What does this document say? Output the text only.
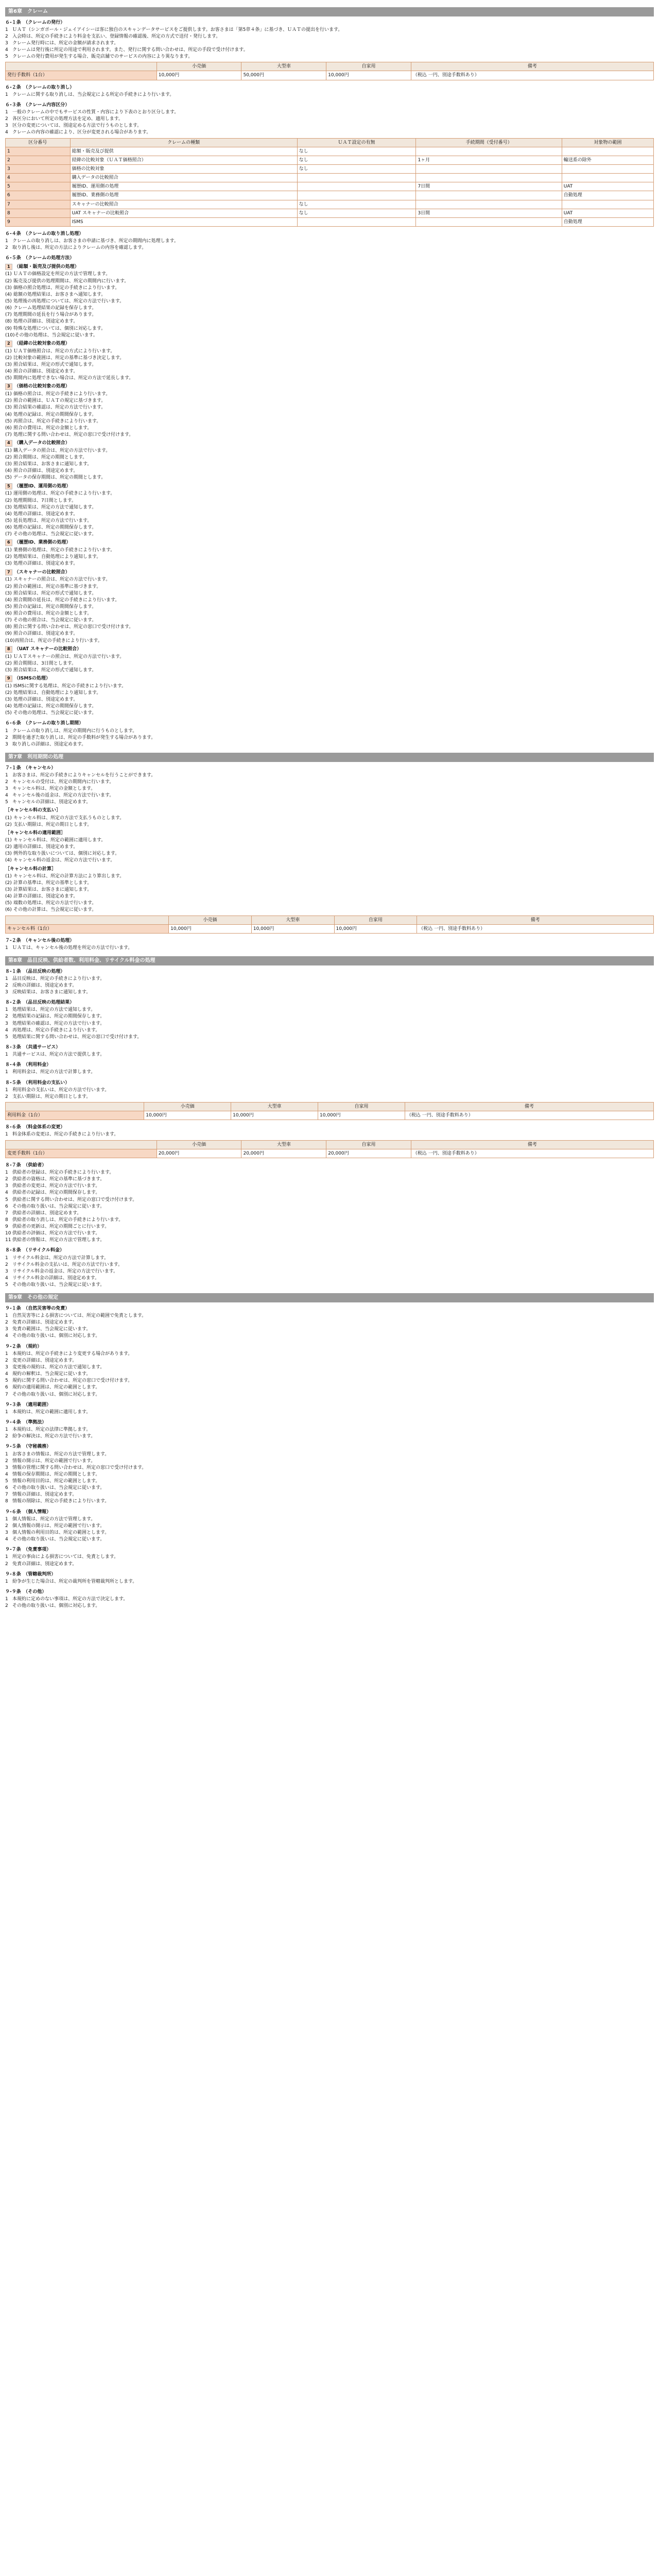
第6章　クレーム
６-１条　（クレームの発行）
1 ＵＡＴ（シンガポール・ジェイアイシーは客に独自のスキャンデータサービスをご提供します。お客さまは「第5章４条」に基づき、ＵＡＴの提出を行います。
2 入会時は、所定の手続きにより料金を支払い、登録情報の確認後、所定の方式で送付・発行します。
3 クレーム発行時には、所定の金額が請求されます。
4 クレームは発行後に所定の用途で利用されます。また、発行に関する問い合わせは、所定の手段で受け付けます。
5 クレームの発行費用が発生する場合、販売店舗でのサービスの内容により異なります。
	小売価	大型車	自家用	備考
発行手数料（1台）	10,000円	50,000円	10,000円	（税込 一円、別途手数料あり）
６-２条　（クレームの取り消し）
1 クレームに関する取り消しは、当会規定による所定の手続きにより行います。
６-３条　（クレーム内容区分）
1 一般のクレームの中でもサービスの性質・内容により下表のとおり区分します。
2 各区分において所定の処理方法を定め、適用します。
3 区分の変更については、別途定める方法で行うものとします。
4 クレームの内容の確認により、区分が変更される場合があります。
区分番号	クレームの種類	ＵＡＴ設定の有無	手続期間（受付番号）	対象物の範囲
1	総額・販売及び提供	なし		
2	経緯の比較対象（ＵＡＴ価格照合）	なし	1ヶ月	輸送系の除外
3	価格の比較対象	なし		
4	購入データの比較照合			
5	履歴ID、運用側の処理		7日間	UAT
6	履歴ID、業務側の処理			自動処理
7	スキャナーの比較照合	なし		
8	UAT スキャナーの比較照合	なし	3日間	UAT
9	ISMS			自動処理
６-４条　（クレームの取り消し処理）
1 クレームの取り消しは、お客さまの申請に基づき、所定の期間内に処理します。
2 取り消し後は、所定の方法によりクレームの内容を確認します。
６-５条　（クレームの処理方法）
1 （総額・販売及び提供の処理）
(1) ＵＡＴの価格設定を所定の方法で管理します。
(2) 販売及び提供の処理期間は、所定の期間内に行います。
(3) 価格の照合処理は、所定の手続きにより行います。
(4) 総額の処理結果は、お客さまへ通知します。
(5) 処理後の再処理については、所定の方法で行います。
(6) クレーム処理結果の記録を保存します。
(7) 処理期間の延長を行う場合があります。
(8) 処理の詳細は、別途定めます。
(9) 特殊な処理については、個別に対応します。
(10) その他の処理は、当会規定に従います。
2 （経緯の比較対象の処理）
(1) ＵＡＴ価格照合は、所定の方式により行います。
(2) 比較対象の範囲は、所定の基準に基づき決定します。
(3) 照合結果は、所定の形式で通知します。
(4) 照合の詳細は、別途定めます。
(5) 期間内に処理できない場合は、所定の方法で延長します。
3 （価格の比較対象の処理）
(1) 価格の照合は、所定の手続きにより行います。
(2) 照合の範囲は、ＵＡＴの規定に基づきます。
(3) 照合結果の確認は、所定の方法で行います。
(4) 処理の記録は、所定の期間保存します。
(5) 再照合は、所定の手続きにより行います。
(6) 照合の費用は、所定の金額とします。
(7) 処理に関する問い合わせは、所定の窓口で受け付けます。
4 （購入データの比較照合）
(1) 購入データの照合は、所定の方法で行います。
(2) 照合期間は、所定の期間とします。
(3) 照合結果は、お客さまに通知します。
(4) 照合の詳細は、別途定めます。
(5) データの保存期間は、所定の期間とします。
5 （履歴ID、運用側の処理）
(1) 運用側の処理は、所定の手続きにより行います。
(2) 処理期間は、7日間とします。
(3) 処理結果は、所定の方法で通知します。
(4) 処理の詳細は、別途定めます。
(5) 延長処理は、所定の方法で行います。
(6) 処理の記録は、所定の期間保存します。
(7) その他の処理は、当会規定に従います。
6 （履歴ID、業務側の処理）
(1) 業務側の処理は、所定の手続きにより行います。
(2) 処理結果は、自動処理により通知します。
(3) 処理の詳細は、別途定めます。
7 （スキャナーの比較照合）
(1) スキャナーの照合は、所定の方法で行います。
(2) 照合の範囲は、所定の基準に基づきます。
(3) 照合結果は、所定の形式で通知します。
(4) 照合期間の延長は、所定の手続きにより行います。
(5) 照合の記録は、所定の期間保存します。
(6) 照合の費用は、所定の金額とします。
(7) その他の照合は、当会規定に従います。
(8) 照合に関する問い合わせは、所定の窓口で受け付けます。
(9) 照合の詳細は、別途定めます。
(10) 再照合は、所定の手続きにより行います。
8 （UAT スキャナーの比較照合）
(1) ＵＡＴスキャナーの照合は、所定の方法で行います。
(2) 照合期間は、3日間とします。
(3) 照合結果は、所定の形式で通知します。
9 （ISMSの処理）
(1) ISMSに関する処理は、所定の手続きにより行います。
(2) 処理結果は、自動処理により通知します。
(3) 処理の詳細は、別途定めます。
(4) 処理の記録は、所定の期間保存します。
(5) その他の処理は、当会規定に従います。
６-６条　（クレームの取り消し期間）
1 クレームの取り消しは、所定の期間内に行うものとします。
2 期間を過ぎた取り消しは、所定の手数料が発生する場合があります。
3 取り消しの詳細は、別途定めます。
第7章　利用期間の処理
７-１条　（キャンセル）
1 お客さまは、所定の手続きによりキャンセルを行うことができます。
2 キャンセルの受付は、所定の期間内に行います。
3 キャンセル料は、所定の金額とします。
4 キャンセル後の返金は、所定の方法で行います。
5 キャンセルの詳細は、別途定めます。
［キャンセル料の支払い］
(1) キャンセル料は、所定の方法で支払うものとします。
(2) 支払い期限は、所定の期日とします。
［キャンセル料の適用範囲］
(1) キャンセル料は、所定の範囲に適用します。
(2) 適用の詳細は、別途定めます。
(3) 例外的な取り扱いについては、個別に対応します。
(4) キャンセル料の返金は、所定の方法で行います。
［キャンセル料の計算］
(1) キャンセル料は、所定の計算方法により算出します。
(2) 計算の基準は、所定の基準とします。
(3) 計算結果は、お客さまに通知します。
(4) 計算の詳細は、別途定めます。
(5) 端数の処理は、所定の方法で行います。
(6) その他の計算は、当会規定に従います。
	小売価	大型車	自家用	備考
キャンセル料（1台）	10,000円	10,000円	10,000円	（税込 一円、別途手数料あり）
７-２条　（キャンセル後の処理）
1 ＵＡＴは、キャンセル後の処理を所定の方法で行います。
第8章　品目反映、供給者数、利用料金、リサイクル料金の処理
８-１条　（品目反映の処理）
1 品目反映は、所定の手続きにより行います。
2 反映の詳細は、別途定めます。
3 反映結果は、お客さまに通知します。
８-２条　（品目反映の処理結果）
1 処理結果は、所定の方法で通知します。
2 処理結果の記録は、所定の期間保存します。
3 処理結果の確認は、所定の方法で行います。
4 再処理は、所定の手続きにより行います。
5 処理結果に関する問い合わせは、所定の窓口で受け付けます。
８-３条　（共通サービス）
1 共通サービスは、所定の方法で提供します。
８-４条　（利用料金）
1 利用料金は、所定の方法で計算します。
８-５条　（利用料金の支払い）
1 利用料金の支払いは、所定の方法で行います。
2 支払い期限は、所定の期日とします。
	小売価	大型車	自家用	備考
利用料金（1台）	10,000円	10,000円	10,000円	（税込 一円、別途手数料あり）
８-６条　（料金体系の変更）
1 料金体系の変更は、所定の手続きにより行います。
	小売価	大型車	自家用	備考
変更手数料（1台）	20,000円	20,000円	20,000円	（税込 一円、別途手数料あり）
８-７条　（供給者）
1 供給者の登録は、所定の手続きにより行います。
2 供給者の資格は、所定の基準に基づきます。
3 供給者の変更は、所定の方法で行います。
4 供給者の記録は、所定の期間保存します。
5 供給者に関する問い合わせは、所定の窓口で受け付けます。
6 その他の取り扱いは、当会規定に従います。
7 供給者の詳細は、別途定めます。
8 供給者の取り消しは、所定の手続きにより行います。
9 供給者の更新は、所定の期間ごとに行います。
10 供給者の評価は、所定の方法で行います。
11 供給者の情報は、所定の方法で管理します。
８-８条　（リサイクル料金）
1 リサイクル料金は、所定の方法で計算します。
2 リサイクル料金の支払いは、所定の方法で行います。
3 リサイクル料金の返金は、所定の方法で行います。
4 リサイクル料金の詳細は、別途定めます。
5 その他の取り扱いは、当会規定に従います。
第9章　その他の規定
９-１条　（自然災害等の免責）
1 自然災害等による損害については、所定の範囲で免責とします。
2 免責の詳細は、別途定めます。
3 免責の範囲は、当会規定に従います。
4 その他の取り扱いは、個別に対応します。
９-２条　（規約）
1 本規約は、所定の手続きにより変更する場合があります。
2 変更の詳細は、別途定めます。
3 変更後の規約は、所定の方法で通知します。
4 規約の解釈は、当会規定に従います。
5 規約に関する問い合わせは、所定の窓口で受け付けます。
6 規約の適用範囲は、所定の範囲とします。
7 その他の取り扱いは、個別に対応します。
９-３条　（適用範囲）
1 本規約は、所定の範囲に適用します。
９-４条　（準拠法）
1 本規約は、所定の法律に準拠します。
2 紛争の解決は、所定の方法で行います。
９-５条　（守秘義務）
1 お客さまの情報は、所定の方法で管理します。
2 情報の開示は、所定の範囲で行います。
3 情報の管理に関する問い合わせは、所定の窓口で受け付けます。
4 情報の保存期間は、所定の期間とします。
5 情報の利用目的は、所定の範囲とします。
6 その他の取り扱いは、当会規定に従います。
7 情報の詳細は、別途定めます。
8 情報の削除は、所定の手続きにより行います。
９-６条　（個人情報）
1 個人情報は、所定の方法で管理します。
2 個人情報の開示は、所定の範囲で行います。
3 個人情報の利用目的は、所定の範囲とします。
4 その他の取り扱いは、当会規定に従います。
９-７条　（免責事項）
1 所定の事由による損害については、免責とします。
2 免責の詳細は、別途定めます。
９-８条　（管轄裁判所）
1 紛争が生じた場合は、所定の裁判所を管轄裁判所とします。
９-９条　（その他）
1 本規約に定めのない事項は、所定の方法で決定します。
2 その他の取り扱いは、個別に対応します。
